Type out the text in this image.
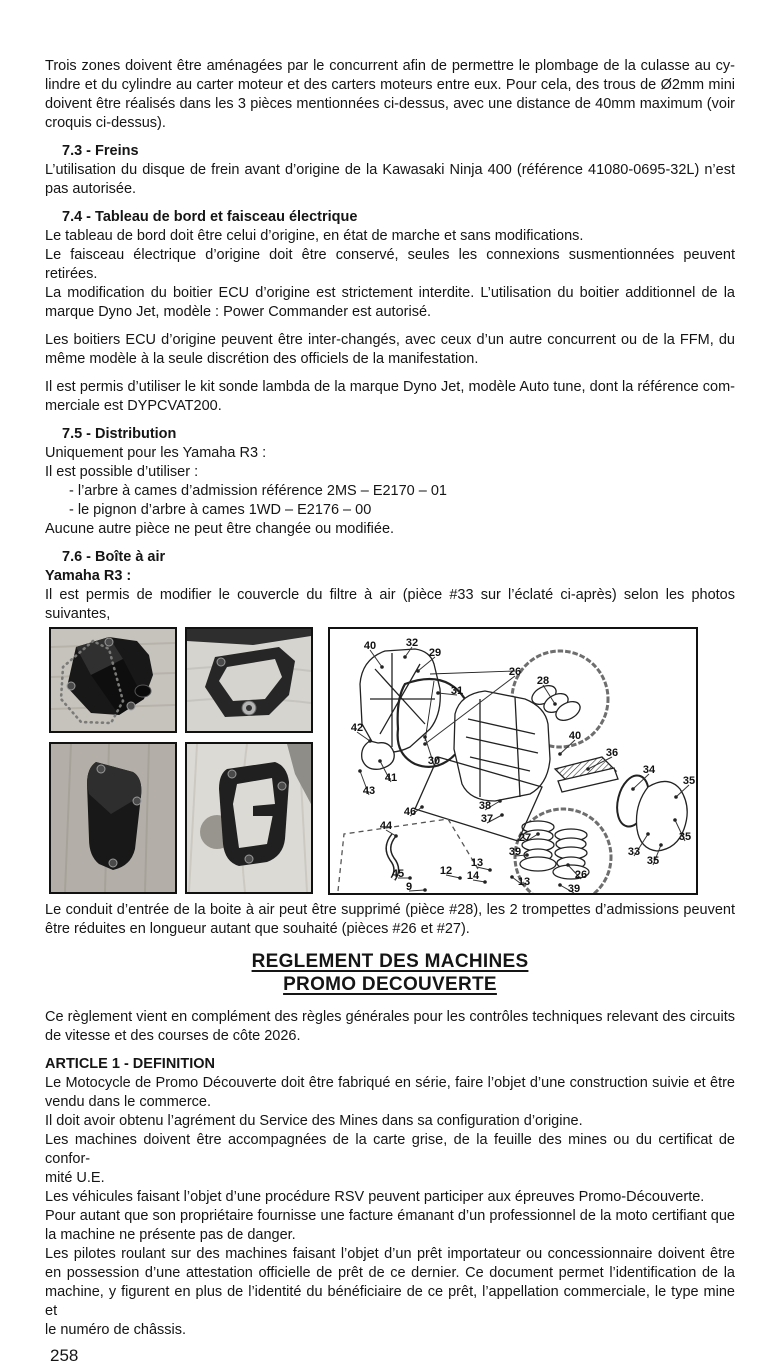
Trois zones doivent être aménagées par le concurrent afin de permettre le plombage de la culasse au cy-
lindre et du cylindre au carter moteur et des carters moteurs entre eux. Pour cela, des trous de Ø2mm mini
doivent être réalisés dans les 3 pièces mentionnées ci-dessus, avec une distance de 40mm maximum (voir
croquis ci-dessus).
7.3 - Freins
L’utilisation du disque de frein avant d’origine de la Kawasaki Ninja 400 (référence 41080-0695-32L) n’est
pas autorisée.
7.4 - Tableau de bord et faisceau électrique
Le tableau de bord doit être celui d’origine, en état de marche et sans modifications.
Le faisceau électrique d’origine doit être conservé, seules les connexions susmentionnées peuvent retirées.
La modification du boitier ECU d’origine est strictement interdite. L’utilisation du boitier additionnel de la
marque Dyno Jet, modèle : Power Commander est autorisé.
Les boitiers ECU d’origine peuvent être inter-changés, avec ceux d’un autre concurrent ou de la FFM, du
même modèle à la seule discrétion des officiels de la manifestation.
Il est permis d’utiliser le kit sonde lambda de la marque Dyno Jet, modèle Auto tune, dont la référence com-
merciale est DYPCVAT200.
7.5 - Distribution
Uniquement pour les Yamaha R3 :
Il est possible d’utiliser :
- l’arbre à cames d’admission référence 2MS – E2170 – 01
- le pignon d’arbre à cames 1WD – E2176 – 00
Aucune autre pièce ne peut être changée ou modifiée.
7.6 - Boîte à air
Yamaha R3 :
Il est permis de modifier le couvercle du filtre à air (pièce #33 sur l’éclaté ci-après) selon les photos suivantes,
40	32
29
31
26
28
42
30
40
36
34
35
41
43
38
37
46
44
27
39
13
12 14	13
45
9
26
39
33
35
35
Le conduit d’entrée de la boite à air peut être supprimé (pièce #28), les 2 trompettes d’admissions peuvent
être réduites en longueur autant que souhaité (pièces #26 et #27).
REGLEMENT DES MACHINES
PROMO DECOUVERTE
Ce règlement vient en complément des règles générales pour les contrôles techniques relevant des circuits
de vitesse et des courses de côte 2026.
ARTICLE 1 - DEFINITION
Le Motocycle de Promo Découverte doit être fabriqué en série, faire l’objet d’une construction suivie et être
vendu dans le commerce.
Il doit avoir obtenu l’agrément du Service des Mines dans sa configuration d’origine.
Les machines doivent être accompagnées de la carte grise, de la feuille des mines ou du certificat de confor-
mité U.E.
Les véhicules faisant l’objet d’une procédure RSV peuvent participer aux épreuves Promo-Découverte.
Pour autant que son propriétaire fournisse une facture émanant d’un professionnel de la moto certifiant que
la machine ne présente pas de danger.
Les pilotes roulant sur des machines faisant l’objet d’un prêt importateur ou concessionnaire doivent être
en possession d’une attestation officielle de prêt de ce dernier. Ce document permet l’identification de la
machine, y figurent en plus de l’identité du bénéficiaire de ce prêt, l’appellation commerciale, le type mine et
le numéro de châssis.
258
